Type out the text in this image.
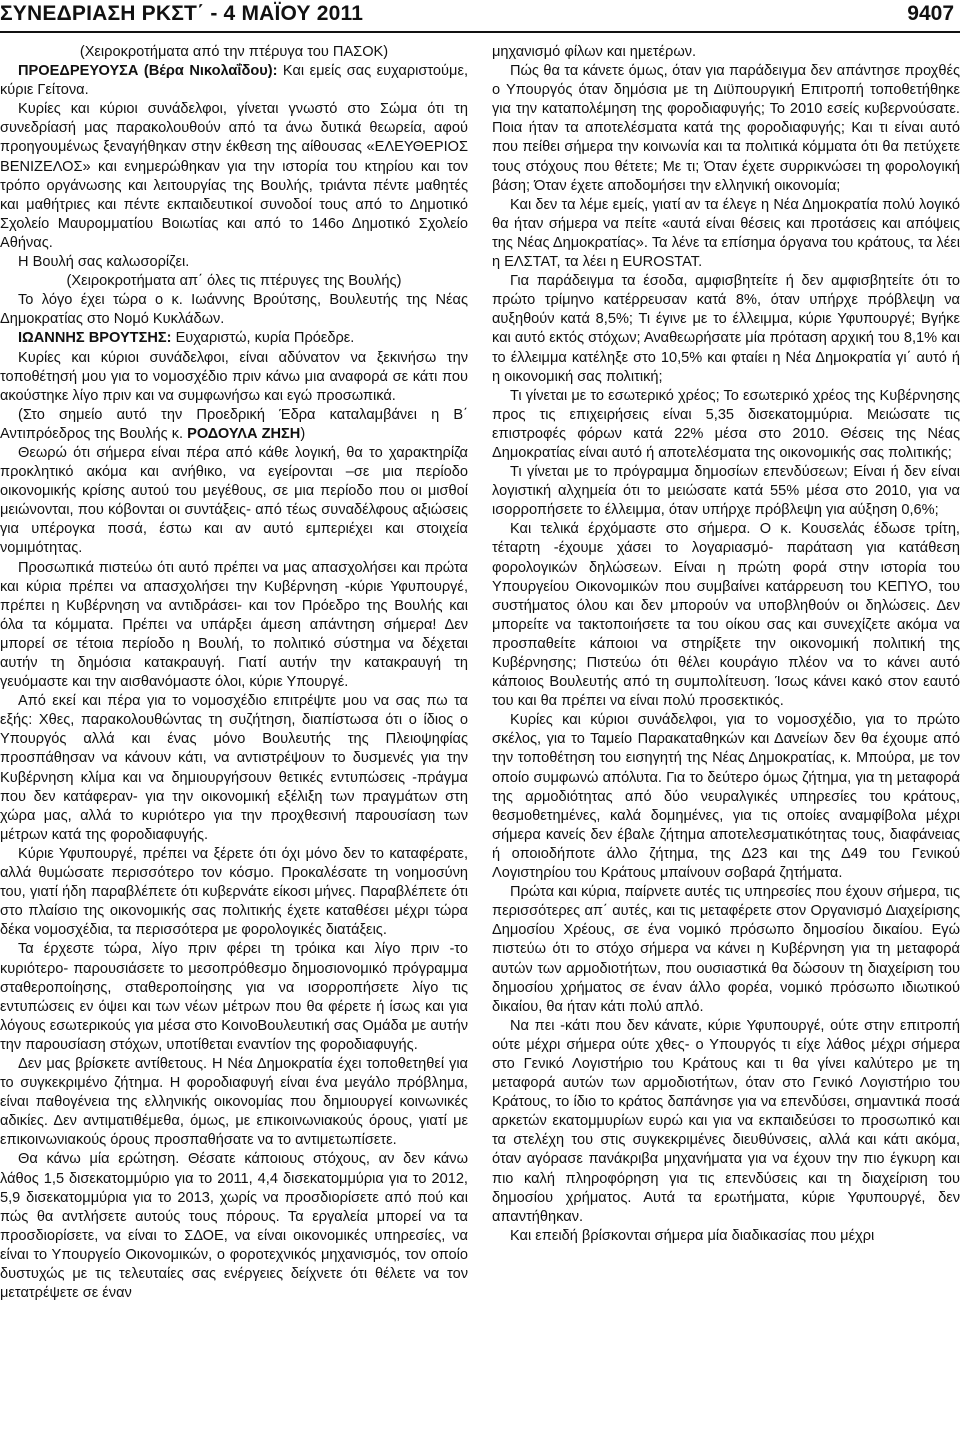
ΣΥΝΕΔΡΙΑΣΗ ΡΚΣΤ΄ - 4 ΜΑΪΟΥ 2011	9407

(Χειροκροτήματα από την πτέρυγα του ΠΑΣΟΚ)

ΠΡΟΕΔΡΕΥΟΥΣΑ (Βέρα Νικολαΐδου): Και εμείς σας ευχαριστούμε, κύριε Γείτονα.

Κυρίες και κύριοι συνάδελφοι, γίνεται γνωστό στο Σώμα ότι τη συνεδρίασή μας παρακολουθούν από τα άνω δυτικά θεωρεία, αφού προηγουμένως ξεναγήθηκαν στην έκθεση της αίθουσας «ΕΛΕΥΘΕΡΙΟΣ ΒΕΝΙΖΕΛΟΣ» και ενημερώθηκαν για την ιστορία του κτηρίου και τον τρόπο οργάνωσης και λειτουργίας της Βουλής, τριάντα πέντε μαθητές και μαθήτριες και πέντε εκπαιδευτικοί συνοδοί τους από το Δημοτικό Σχολείο Μαυρομματίου Βοιωτίας και από το 146ο Δημοτικό Σχολείο Αθήνας.

Η Βουλή σας καλωσορίζει.

(Χειροκροτήματα απ΄ όλες τις πτέρυγες της Βουλής)

Το λόγο έχει τώρα ο κ. Ιωάννης Βρούτσης, Βουλευτής της Νέας Δημοκρατίας στο Νομό Κυκλάδων.

ΙΩΑΝΝΗΣ ΒΡΟΥΤΣΗΣ: Ευχαριστώ, κυρία Πρόεδρε.

Κυρίες και κύριοι συνάδελφοι, είναι αδύνατον να ξεκινήσω την τοποθέτησή μου για το νομοσχέδιο πριν κάνω μια αναφορά σε κάτι που ακούστηκε λίγο πριν και να συμφωνήσω και εγώ προσωπικά.

(Στο σημείο αυτό την Προεδρική Έδρα καταλαμβάνει η Β΄ Αντιπρόεδρος της Βουλής κ. ΡΟΔΟΥΛΑ ΖΗΣΗ)

Θεωρώ ότι σήμερα είναι πέρα από κάθε λογική, θα το χαρακτηρίζα προκλητικό ακόμα και ανήθικο, να εγείρονται –σε μια περίοδο οικονομικής κρίσης αυτού του μεγέθους, σε μια περίοδο που οι μισθοί μειώνονται, που κόβονται οι συντάξεις- από τέως συναδέλφους αξιώσεις για υπέρογκα ποσά, έστω και αν αυτό εμπεριέχει και στοιχεία νομιμότητας.

Προσωπικά πιστεύω ότι αυτό πρέπει να μας απασχολήσει και πρώτα και κύρια πρέπει να απασχολήσει την Κυβέρνηση -κύριε Υφυπουργέ, πρέπει η Κυβέρνηση να αντιδράσει- και τον Πρόεδρο της Βουλής και όλα τα κόμματα. Πρέπει να υπάρξει άμεση απάντηση σήμερα! Δεν μπορεί σε τέτοια περίοδο η Βουλή, το πολιτικό σύστημα να δέχεται αυτήν τη δημόσια κατακραυγή. Γιατί αυτήν την κατακραυγή τη γευόμαστε και την αισθανόμαστε όλοι, κύριε Υπουργέ.

Από εκεί και πέρα για το νομοσχέδιο επιτρέψτε μου να σας πω τα εξής: Χθες, παρακολουθώντας τη συζήτηση, διαπίστωσα ότι ο ίδιος ο Υπουργός αλλά και ένας μόνο Βουλευτής της Πλειοψηφίας προσπάθησαν να κάνουν κάτι, να αντιστρέψουν το δυσμενές για την Κυβέρνηση κλίμα και να δημιουργήσουν θετικές εντυπώσεις -πράγμα που δεν κατάφεραν- για την οικονομική εξέλιξη των πραγμάτων στη χώρα μας, αλλά το κυριότερο για την προχθεσινή παρουσίαση των μέτρων κατά της φοροδιαφυγής.

Κύριε Υφυπουργέ, πρέπει να ξέρετε ότι όχι μόνο δεν το καταφέρατε, αλλά θυμώσατε περισσότερο τον κόσμο. Προκαλέσατε τη νοημοσύνη του, γιατί ήδη παραβλέπετε ότι κυβερνάτε είκοσι μήνες. Παραβλέπετε ότι στο πλαίσιο της οικονομικής σας πολιτικής έχετε καταθέσει μέχρι τώρα δέκα νομοσχέδια, τα περισσότερα με φορολογικές διατάξεις.

Τα έρχεστε τώρα, λίγο πριν φέρει τη τρόικα και λίγο πριν -το κυριότερο- παρουσιάσετε το μεσοπρόθεσμο δημοσιονομικό πρόγραμμα σταθεροποίησης, σταθεροποίησης για να ισορροπήσετε λίγο τις εντυπώσεις εν όψει και των νέων μέτρων που θα φέρετε ή ίσως και για λόγους εσωτερικούς για μέσα στο ΚοινοΒουλευτική σας Ομάδα με αυτήν την παρουσίαση στόχων, υποτίθεται εναντίον της φοροδιαφυγής.

Δεν μας βρίσκετε αντίθετους. Η Νέα Δημοκρατία έχει τοποθετηθεί για το συγκεκριμένο ζήτημα. Η φοροδιαφυγή είναι ένα μεγάλο πρόβλημα, είναι παθογένεια της ελληνικής οικονομίας που δημιουργεί κοινωνικές αδικίες. Δεν αντιματιθέμεθα, όμως, με επικοινωνιακούς όρους, γιατί με επικοινωνιακούς όρους προσπαθήσατε να το αντιμετωπίσετε.

Θα κάνω μία ερώτηση. Θέσατε κάποιους στόχους, αν δεν κάνω λάθος 1,5 δισεκατομμύριο για το 2011, 4,4 δισεκατομμύρια για το 2012, 5,9 δισεκατομμύρια για το 2013, χωρίς να προσδιορίσετε από πού και πώς θα αντλήσετε αυτούς τους πόρους. Τα εργαλεία μπορεί να τα προσδιορίσετε, να είναι το ΣΔΟΕ, να είναι οικονομικές υπηρεσίες, να είναι το Υπουργείο Οικονομικών, ο φοροτεχνικός μηχανισμός, τον οποίο δυστυχώς με τις τελευταίες σας ενέργειες δείχνετε ότι θέλετε να τον μετατρέψετε σε έναν

μηχανισμό φίλων και ημετέρων.

Πώς θα τα κάνετε όμως, όταν για παράδειγμα δεν απάντησε προχθές ο Υπουργός όταν δημόσια με τη Διϋπουργική Επιτροπή τοποθετήθηκε για την καταπολέμηση της φοροδιαφυγής; Το 2010 εσείς κυβερνούσατε. Ποια ήταν τα αποτελέσματα κατά της φοροδιαφυγής; Και τι είναι αυτό που πείθει σήμερα την κοινωνία και τα πολιτικά κόμματα ότι θα πετύχετε τους στόχους που θέτετε; Με τι; Όταν έχετε συρρικνώσει τη φορολογική βάση; Όταν έχετε αποδομήσει την ελληνική οικονομία;

Και δεν τα λέμε εμείς, γιατί αν τα έλεγε η Νέα Δημοκρατία πολύ λογικό θα ήταν σήμερα να πείτε «αυτά είναι θέσεις και προτάσεις και απόψεις της Νέας Δημοκρατίας». Τα λένε τα επίσημα όργανα του κράτους, τα λέει η ΕΛΣΤΑΤ, τα λέει η EUROSTAT.

Για παράδειγμα τα έσοδα, αμφισβητείτε ή δεν αμφισβητείτε ότι το πρώτο τρίμηνο κατέρρευσαν κατά 8%, όταν υπήρχε πρόβλεψη να αυξηθούν κατά 8,5%; Τι έγινε με το έλλειμμα, κύριε Υφυπουργέ; Βγήκε και αυτό εκτός στόχων; Αναθεωρήσατε μία πρόταση αρχική του 8,1% και το έλλειμμα κατέληξε στο 10,5% και φταίει η Νέα Δημοκρατία γι΄ αυτό ή η οικονομική σας πολιτική;

Τι γίνεται με το εσωτερικό χρέος; Το εσωτερικό χρέος της Κυβέρνησης προς τις επιχειρήσεις είναι 5,35 δισεκατομμύρια. Μειώσατε τις επιστροφές φόρων κατά 22% μέσα στο 2010. Θέσεις της Νέας Δημοκρατίας είναι αυτό ή αποτελέσματα της οικονομικής σας πολιτικής;

Τι γίνεται με το πρόγραμμα δημοσίων επενδύσεων; Είναι ή δεν είναι λογιστική αλχημεία ότι το μειώσατε κατά 55% μέσα στο 2010, για να ισορροπήσετε το έλλειμμα, όταν υπήρχε πρόβλεψη για αύξηση 0,6%;

Και τελικά έρχόμαστε στο σήμερα. Ο κ. Κουσελάς έδωσε τρίτη, τέταρτη -έχουμε χάσει το λογαριασμό- παράταση για κατάθεση φορολογικών δηλώσεων. Είναι η πρώτη φορά στην ιστορία του Υπουργείου Οικονομικών που συμβαίνει κατάρρευση του ΚΕΠΥΟ, του συστήματος όλου και δεν μπορούν να υποβληθούν οι δηλώσεις. Δεν μπορείτε να τακτοποιήσετε τα του οίκου σας και συνεχίζετε ακόμα να προσπαθείτε κάποιοι να στηρίξετε την οικονομική πολιτική της Κυβέρνησης; Πιστεύω ότι θέλει κουράγιο πλέον να το κάνει αυτό κάποιος Βουλευτής από τη συμπολίτευση. Ίσως κάνει κακό στον εαυτό του και θα πρέπει να είναι πολύ προσεκτικός.

Κυρίες και κύριοι συνάδελφοι, για το νομοσχέδιο, για το πρώτο σκέλος, για το Ταμείο Παρακαταθηκών και Δανείων δεν θα έχουμε από την τοποθέτηση του εισηγητή της Νέας Δημοκρατίας, κ. Μπούρα, με τον οποίο συμφωνώ απόλυτα. Για το δεύτερο όμως ζήτημα, για τη μεταφορά της αρμοδιότητας από δύο νευραλγικές υπηρεσίες του κράτους, θεσμοθετημένες, καλά δομημένες, για τις οποίες αναμφίβολα μέχρι σήμερα κανείς δεν έβαλε ζήτημα αποτελεσματικότητας τους, διαφάνειας ή οποιοδήποτε άλλο ζήτημα, της Δ23 και της Δ49 του Γενικού Λογιστηρίου του Κράτους μπαίνουν σοβαρά ζητήματα.

Πρώτα και κύρια, παίρνετε αυτές τις υπηρεσίες που έχουν σήμερα, τις περισσότερες απ΄ αυτές, και τις μεταφέρετε στον Οργανισμό Διαχείρισης Δημοσίου Χρέους, σε ένα νομικό πρόσωπο δημοσίου δικαίου. Εγώ πιστεύω ότι το στόχο σήμερα να κάνει η Κυβέρνηση για τη μεταφορά αυτών των αρμοδιοτήτων, που ουσιαστικά θα δώσουν τη διαχείριση του δημοσίου χρήματος σε έναν άλλο φορέα, νομικό πρόσωπο ιδιωτικού δικαίου, θα ήταν κάτι πολύ απλό.

Να πει -κάτι που δεν κάνατε, κύριε Υφυπουργέ, ούτε στην επιτροπή ούτε μέχρι σήμερα ούτε χθες- ο Υπουργός τι είχε λάθος μέχρι σήμερα στο Γενικό Λογιστήριο του Κράτους και τι θα γίνει καλύτερο με τη μεταφορά αυτών των αρμοδιοτήτων, όταν στο Γενικό Λογιστήριο του Κράτους, το ίδιο το κράτος δαπάνησε για να επενδύσει, σημαντικά ποσά αρκετών εκατομμυρίων ευρώ και για να εκπαιδεύσει το προσωπικό και τα στελέχη του στις συγκεκριμένες διευθύνσεις, αλλά και κάτι ακόμα, όταν αγόρασε πανάκριβα μηχανήματα για να έχουν την πιο έγκυρη και πιο καλή πληροφόρηση για τις επενδύσεις και τη διαχείριση του δημοσίου χρήματος. Αυτά τα ερωτήματα, κύριε Υφυπουργέ, δεν απαντήθηκαν.

Και επειδή βρίσκονται σήμερα μία διαδικασίας που μέχρι
